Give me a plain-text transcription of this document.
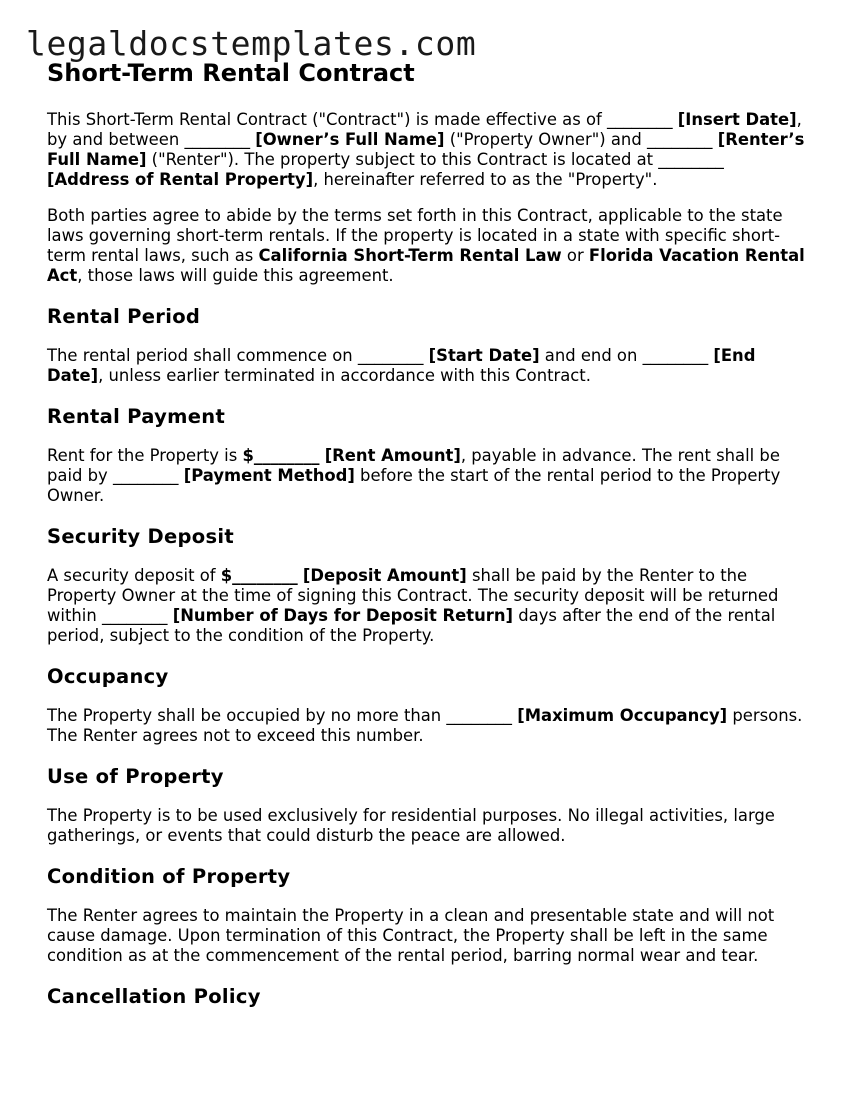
legaldocstemplates.com
Short-Term Rental Contract

This Short-Term Rental Contract ("Contract") is made effective as of ________ [Insert Date], by and between ________ [Owner’s Full Name] ("Property Owner") and ________ [Renter’s Full Name] ("Renter"). The property subject to this Contract is located at ________ [Address of Rental Property], hereinafter referred to as the "Property".

Both parties agree to abide by the terms set forth in this Contract, applicable to the state laws governing short-term rentals. If the property is located in a state with specific short-term rental laws, such as California Short-Term Rental Law or Florida Vacation Rental Act, those laws will guide this agreement.

Rental Period

The rental period shall commence on ________ [Start Date] and end on ________ [End Date], unless earlier terminated in accordance with this Contract.

Rental Payment

Rent for the Property is $________ [Rent Amount], payable in advance. The rent shall be paid by ________ [Payment Method] before the start of the rental period to the Property Owner.

Security Deposit

A security deposit of $________ [Deposit Amount] shall be paid by the Renter to the Property Owner at the time of signing this Contract. The security deposit will be returned within ________ [Number of Days for Deposit Return] days after the end of the rental period, subject to the condition of the Property.

Occupancy

The Property shall be occupied by no more than ________ [Maximum Occupancy] persons. The Renter agrees not to exceed this number.

Use of Property

The Property is to be used exclusively for residential purposes. No illegal activities, large gatherings, or events that could disturb the peace are allowed.

Condition of Property

The Renter agrees to maintain the Property in a clean and presentable state and will not cause damage. Upon termination of this Contract, the Property shall be left in the same condition as at the commencement of the rental period, barring normal wear and tear.

Cancellation Policy
